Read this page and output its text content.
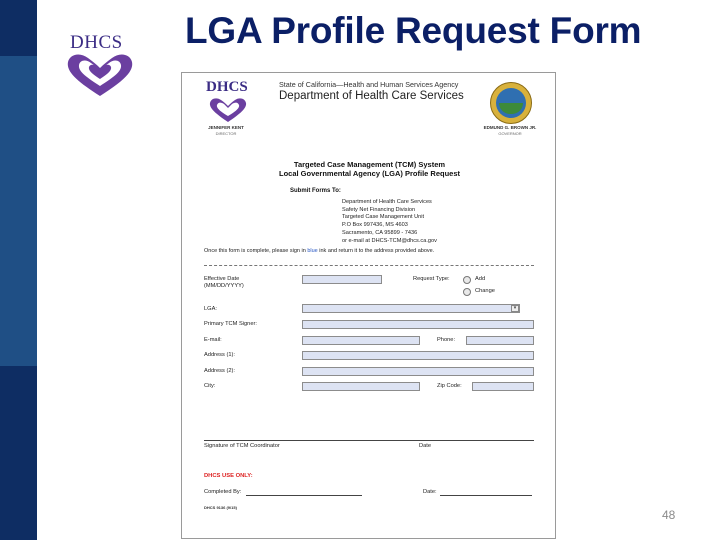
DHCS LGA Profile Request Form
DHCS
JENNIFER KENT
DIRECTOR
State of California—Health and Human Services Agency
Department of Health Care Services
EDMUND G. BROWN JR.
GOVERNOR
Targeted Case Management (TCM) System
Local Governmental Agency (LGA) Profile Request
Submit Forms To:
Department of Health Care Services
Safety Net Financing Division
Targeted Case Management Unit
P.O Box 997436, MS 4603
Sacramento, CA 95899 - 7436
or e-mail at DHCS-TCM@dhcs.ca.gov
Once this form is complete, please sign in blue ink and return it to the address provided above.
Effective Date
(MM/DD/YYYY)
Request Type:	Add
Change
LGA:	▾
Primary TCM Signer:
E-mail:	Phone:
Address (1):
Address (2):
City:	Zip Code:
Signature of TCM Coordinator	Date
DHCS USE ONLY:
Completed By:	Date:
DHCS 9136 (9/15)
48
